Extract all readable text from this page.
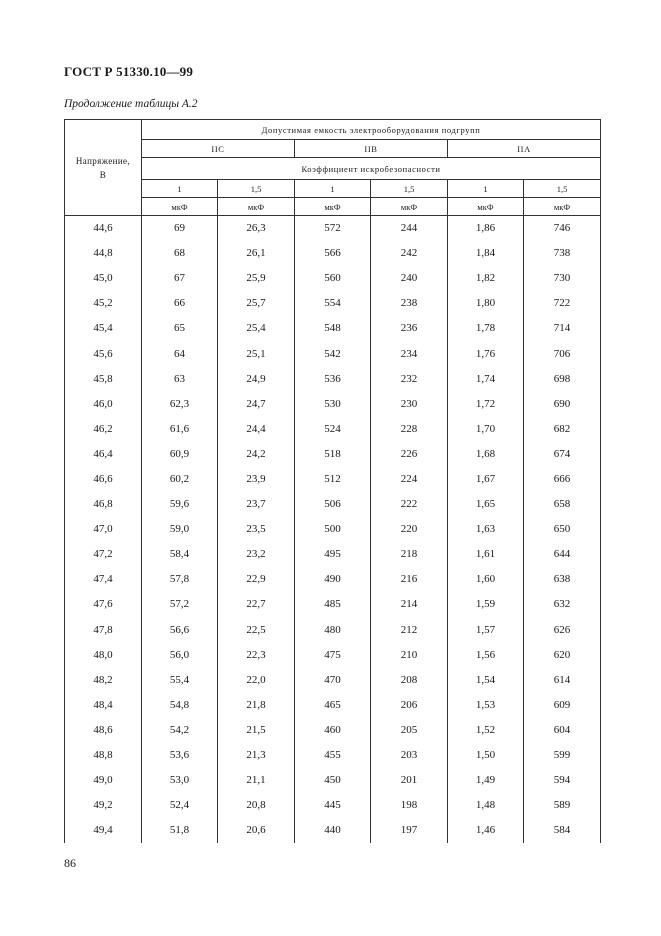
ГОСТ Р 51330.10—99
Продолжение таблицы А.2
Напряжение,
В	Допустимая емкость электрооборудования подгрупп					
	IIC		IIB		IIA	
	Коэффициент искробезопасности					
	1	1,5	1	1,5	1	1,5
	мкФ	мкФ	мкФ	мкФ	мкФ	мкФ
44,6	69	26,3	572	244	1,86	746
44,8	68	26,1	566	242	1,84	738
45,0	67	25,9	560	240	1,82	730
45,2	66	25,7	554	238	1,80	722
45,4	65	25,4	548	236	1,78	714
45,6	64	25,1	542	234	1,76	706
45,8	63	24,9	536	232	1,74	698
46,0	62,3	24,7	530	230	1,72	690
46,2	61,6	24,4	524	228	1,70	682
46,4	60,9	24,2	518	226	1,68	674
46,6	60,2	23,9	512	224	1,67	666
46,8	59,6	23,7	506	222	1,65	658
47,0	59,0	23,5	500	220	1,63	650
47,2	58,4	23,2	495	218	1,61	644
47,4	57,8	22,9	490	216	1,60	638
47,6	57,2	22,7	485	214	1,59	632
47,8	56,6	22,5	480	212	1,57	626
48,0	56,0	22,3	475	210	1,56	620
48,2	55,4	22,0	470	208	1,54	614
48,4	54,8	21,8	465	206	1,53	609
48,6	54,2	21,5	460	205	1,52	604
48,8	53,6	21,3	455	203	1,50	599
49,0	53,0	21,1	450	201	1,49	594
49,2	52,4	20,8	445	198	1,48	589
49,4	51,8	20,6	440	197	1,46	584
86
